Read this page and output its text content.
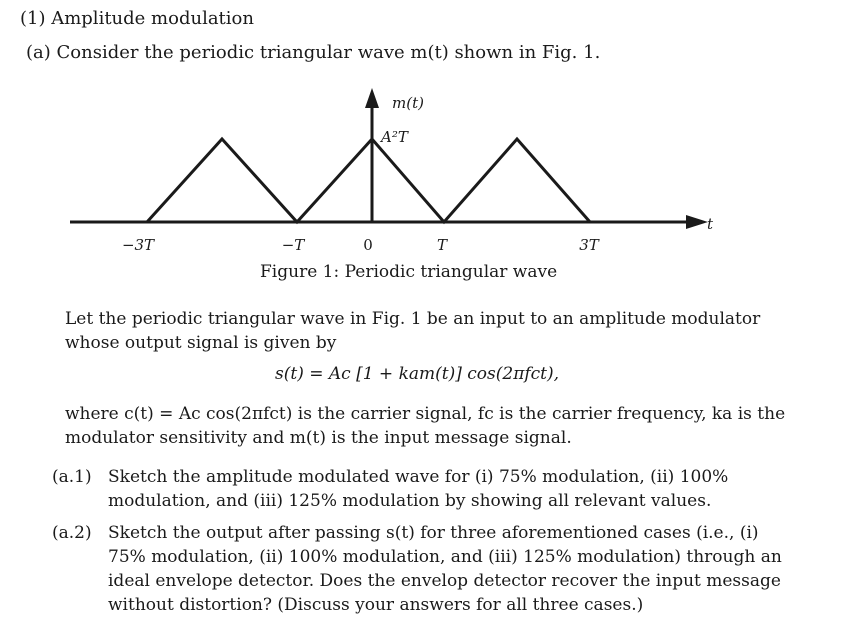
(1) Amplitude modulation
(a) Consider the periodic triangular wave m(t) shown in Fig. 1.
m(t)
A²T
t
−3T	−T	0	T	3T
Figure 1: Periodic triangular wave
Let the periodic triangular wave in Fig. 1 be an input to an amplitude modulator whose output signal is given by
s(t) = Ac [1 + kam(t)] cos(2πfct),
where c(t) = Ac cos(2πfct) is the carrier signal, fc is the carrier frequency, ka is the modulator sensitivity and m(t) is the input message signal.
(a.1) Sketch the amplitude modulated wave for (i) 75% modulation, (ii) 100% modulation, and (iii) 125% modulation by showing all relevant values.
(a.2) Sketch the output after passing s(t) for three aforementioned cases (i.e., (i) 75% modulation, (ii) 100% modulation, and (iii) 125% modulation) through an ideal envelope detector. Does the envelop detector recover the input message without distortion? (Discuss your answers for all three cases.)
